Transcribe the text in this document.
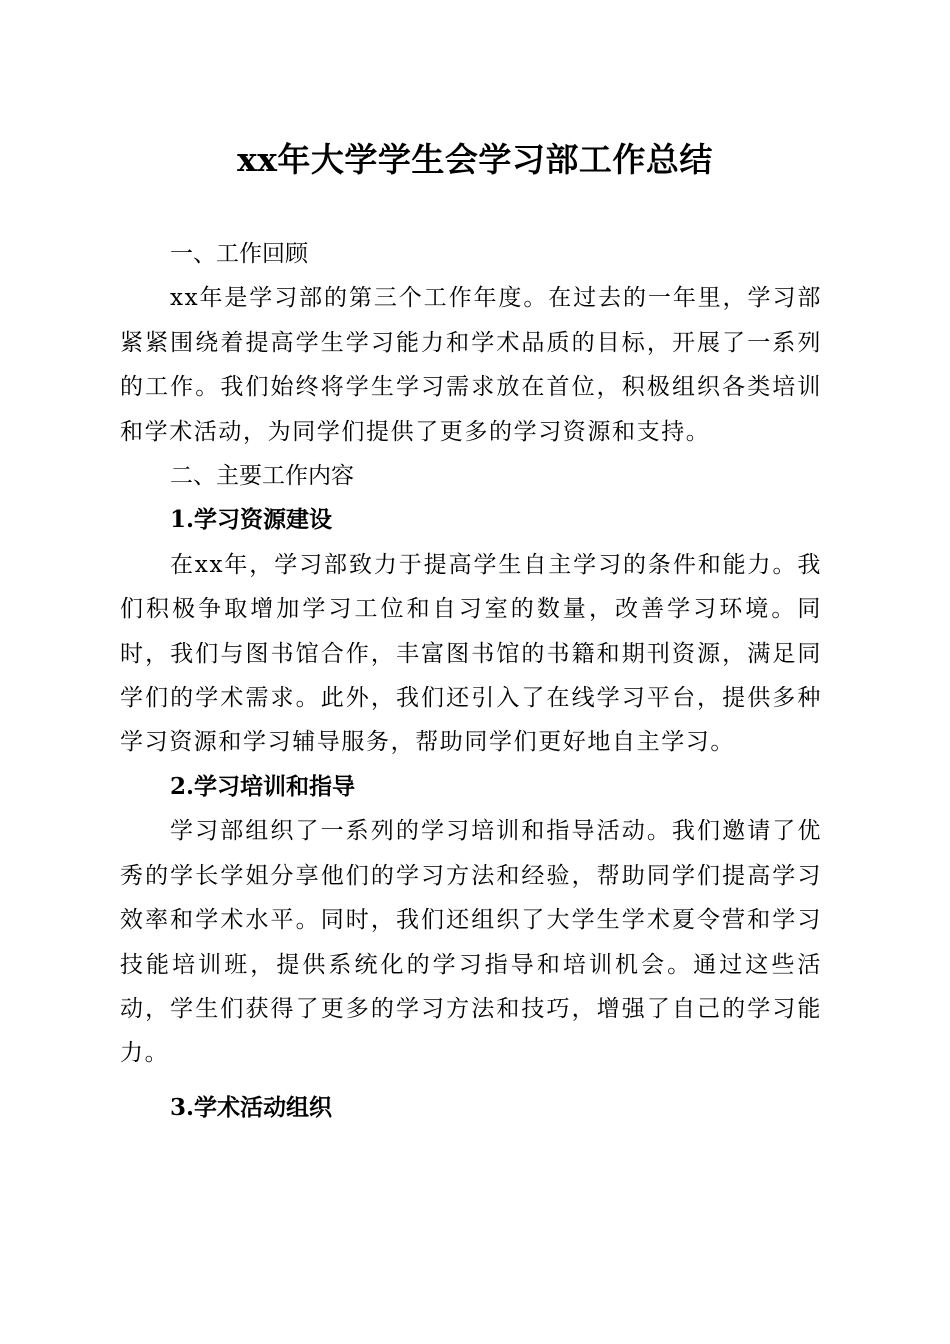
xx年大学学生会学习部工作总结
一、工作回顾

xx年是学习部的第三个工作年度。在过去的一年里，学习部紧紧围绕着提高学生学习能力和学术品质的目标，开展了一系列的工作。我们始终将学生学习需求放在首位，积极组织各类培训和学术活动，为同学们提供了更多的学习资源和支持。

二、主要工作内容
1.学习资源建设

在xx年，学习部致力于提高学生自主学习的条件和能力。我们积极争取增加学习工位和自习室的数量，改善学习环境。同时，我们与图书馆合作，丰富图书馆的书籍和期刊资源，满足同学们的学术需求。此外，我们还引入了在线学习平台，提供多种学习资源和学习辅导服务，帮助同学们更好地自主学习。

2.学习培训和指导

学习部组织了一系列的学习培训和指导活动。我们邀请了优秀的学长学姐分享他们的学习方法和经验，帮助同学们提高学习效率和学术水平。同时，我们还组织了大学生学术夏令营和学习技能培训班，提供系统化的学习指导和培训机会。通过这些活动，学生们获得了更多的学习方法和技巧，增强了自己的学习能力。

3.学术活动组织
